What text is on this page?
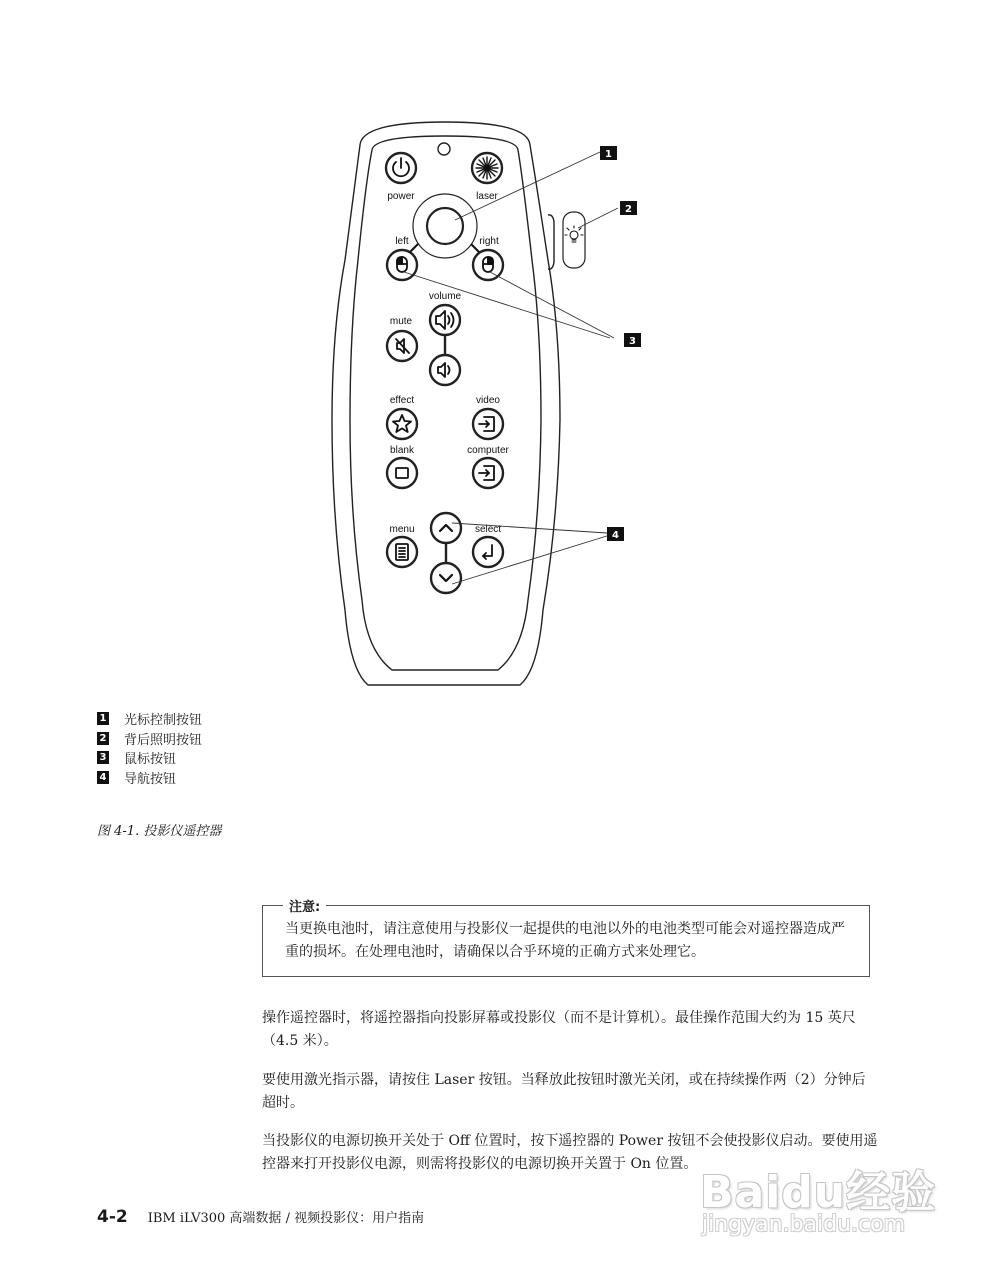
power	laser
left	right
volume
mute
effect	video
blank	computer
menu	select
1
2
3
4
1 光标控制按钮
2 背后照明按钮
3 鼠标按钮
4 导航按钮
图 4-1. 投影仪遥控器
注意:
当更换电池时，请注意使用与投影仪一起提供的电池以外的电池类型可能会对遥控器造成严重的损坏。在处理电池时，请确保以合乎环境的正确方式来处理它。

操作遥控器时，将遥控器指向投影屏幕或投影仪（而不是计算机）。最佳操作范围大约为 15 英尺（4.5 米）。

要使用激光指示器，请按住 Laser 按钮。当释放此按钮时激光关闭，或在持续操作两（2）分钟后超时。

当投影仪的电源切换开关处于 Off 位置时，按下遥控器的 Power 按钮不会使投影仪启动。要使用遥控器来打开投影仪电源，则需将投影仪的电源切换开关置于 On 位置。

4-2 IBM iLV300 高端数据 / 视频投影仪：用户指南
Baidu经验
jingyan.baidu.com
